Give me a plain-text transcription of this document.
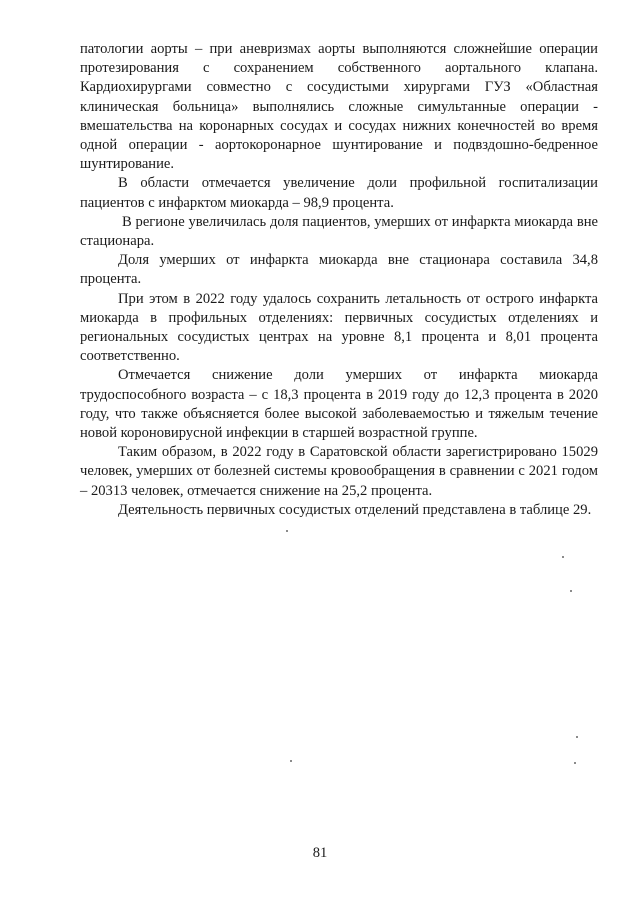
патологии аорты – при аневризмах аорты выполняются сложнейшие операции протезирования с сохранением собственного аортального клапана. Кардиохирургами совместно с сосудистыми хирургами ГУЗ «Областная клиническая больница» выполнялись сложные симультанные операции - вмешательства на коронарных сосудах и сосудах нижних конечностей во время одной операции - аортокоронарное шунтирование и подвздошно-бедренное шунтирование.

В области отмечается увеличение доли профильной госпитализации пациентов с инфарктом миокарда – 98,9 процента.

В регионе увеличилась доля пациентов, умерших от инфаркта миокарда вне стационара.

Доля умерших от инфаркта миокарда вне стационара составила 34,8 процента.

При этом в 2022 году удалось сохранить летальность от острого инфаркта миокарда в профильных отделениях: первичных сосудистых отделениях и региональных сосудистых центрах на уровне 8,1 процента и 8,01 процента соответственно.

Отмечается снижение доли умерших от инфаркта миокарда трудоспособного возраста – с 18,3 процента в 2019 году до 12,3 процента в 2020 году, что также объясняется более высокой заболеваемостью и тяжелым течение новой короновирусной инфекции в старшей возрастной группе.

Таким образом, в 2022 году в Саратовской области зарегистрировано 15029 человек, умерших от болезней системы кровообращения в сравнении с 2021 годом – 20313 человек, отмечается снижение на 25,2 процента.

Деятельность первичных сосудистых отделений представлена в таблице 29.

81
